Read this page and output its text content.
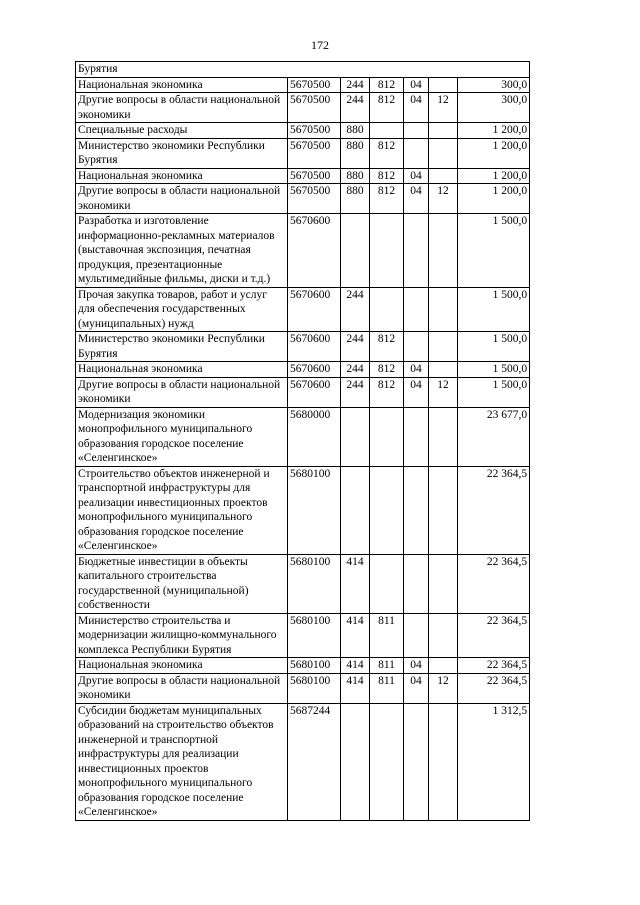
172
Бурятия						
Национальная экономика	5670500	244	812	04		300,0
Другие вопросы в области национальной экономики	5670500	244	812	04	12	300,0
Специальные расходы	5670500	880				1 200,0
Министерство экономики Республики Бурятия	5670500	880	812			1 200,0
Национальная экономика	5670500	880	812	04		1 200,0
Другие вопросы в области национальной экономики	5670500	880	812	04	12	1 200,0
Разработка и изготовление информационно-рекламных материалов (выставочная экспозиция, печатная продукция, презентационные мультимедийные фильмы, диски и т.д.)	5670600					1 500,0
Прочая закупка товаров, работ и услуг для обеспечения государственных (муниципальных) нужд	5670600	244				1 500,0
Министерство экономики Республики Бурятия	5670600	244	812			1 500,0
Национальная экономика	5670600	244	812	04		1 500,0
Другие вопросы в области национальной экономики	5670600	244	812	04	12	1 500,0
Модернизация экономики монопрофильного муниципального образования городское поселение «Селенгинское»	5680000					23 677,0
Строительство объектов инженерной и транспортной инфраструктуры для реализации инвестиционных проектов монопрофильного муниципального образования городское поселение «Селенгинское»	5680100					22 364,5
Бюджетные инвестиции в объекты капитального строительства государственной (муниципальной) собственности	5680100	414				22 364,5
Министерство строительства и модернизации жилищно-коммунального комплекса Республики Бурятия	5680100	414	811			22 364,5
Национальная экономика	5680100	414	811	04		22 364,5
Другие вопросы в области национальной экономики	5680100	414	811	04	12	22 364,5
Субсидии бюджетам муниципальных образований на строительство объектов инженерной и транспортной инфраструктуры для реализации инвестиционных проектов монопрофильного муниципального образования городское поселение «Селенгинское»	5687244					1 312,5
